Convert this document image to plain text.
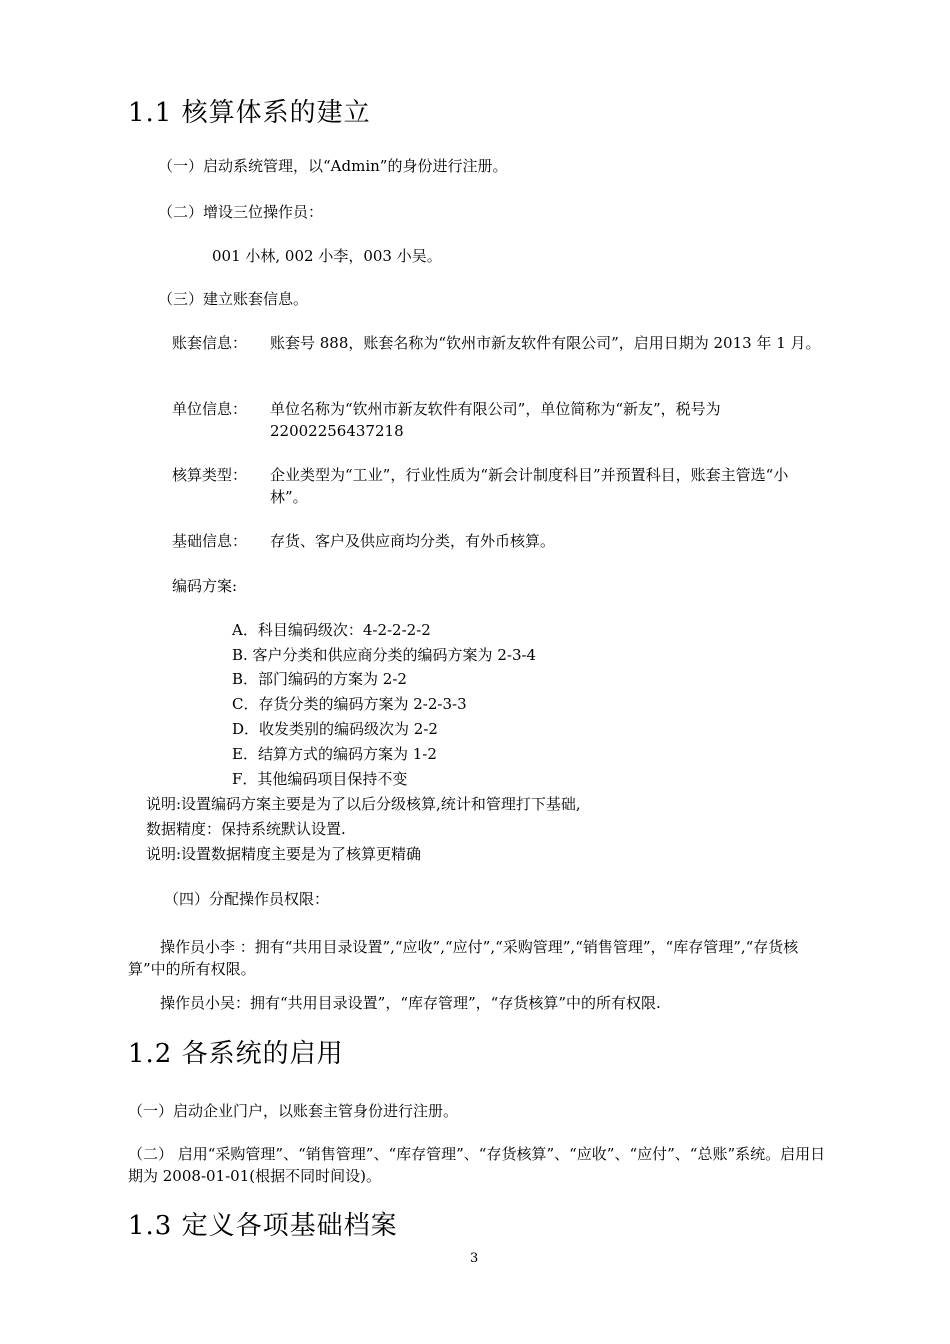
1.1 核算体系的建立
（一）启动系统管理，以“Admin”的身份进行注册。
（二）增设三位操作员：
001 小林, 002 小李，003 小吴。
（三）建立账套信息。
账套信息： 账套号 888，账套名称为“钦州市新友软件有限公司”，启用日期为 2013 年 1 月。
单位信息： 单位名称为“钦州市新友软件有限公司”，单位简称为“新友”，税号为 22002256437218
核算类型： 企业类型为“工业”，行业性质为“新会计制度科目”并预置科目，账套主管选“小林”。
基础信息： 存货、客户及供应商均分类，有外币核算。
编码方案:
A．科目编码级次：4-2-2-2-2
B. 客户分类和供应商分类的编码方案为 2-3-4
B．部门编码的方案为 2-2
C．存货分类的编码方案为 2-2-3-3
D．收发类别的编码级次为 2-2
E．结算方式的编码方案为 1-2
F．其他编码项目保持不变
说明:设置编码方案主要是为了以后分级核算,统计和管理打下基础,
数据精度：保持系统默认设置.
说明:设置数据精度主要是为了核算更精确
（四）分配操作员权限：
操作员小李 ：拥有“共用目录设置”,“应收”,“应付”,“采购管理”,“销售管理”，“库存管理”,“存货核算”中的所有权限。
操作员小吴：拥有“共用目录设置”，“库存管理”，“存货核算”中的所有权限.
1.2 各系统的启用
（一）启动企业门户，以账套主管身份进行注册。
（二） 启用“采购管理”、“销售管理”、“库存管理”、“存货核算”、“应收”、“应付”、“总账”系统。启用日期为 2008-01-01(根据不同时间设)。
1.3 定义各项基础档案
3
